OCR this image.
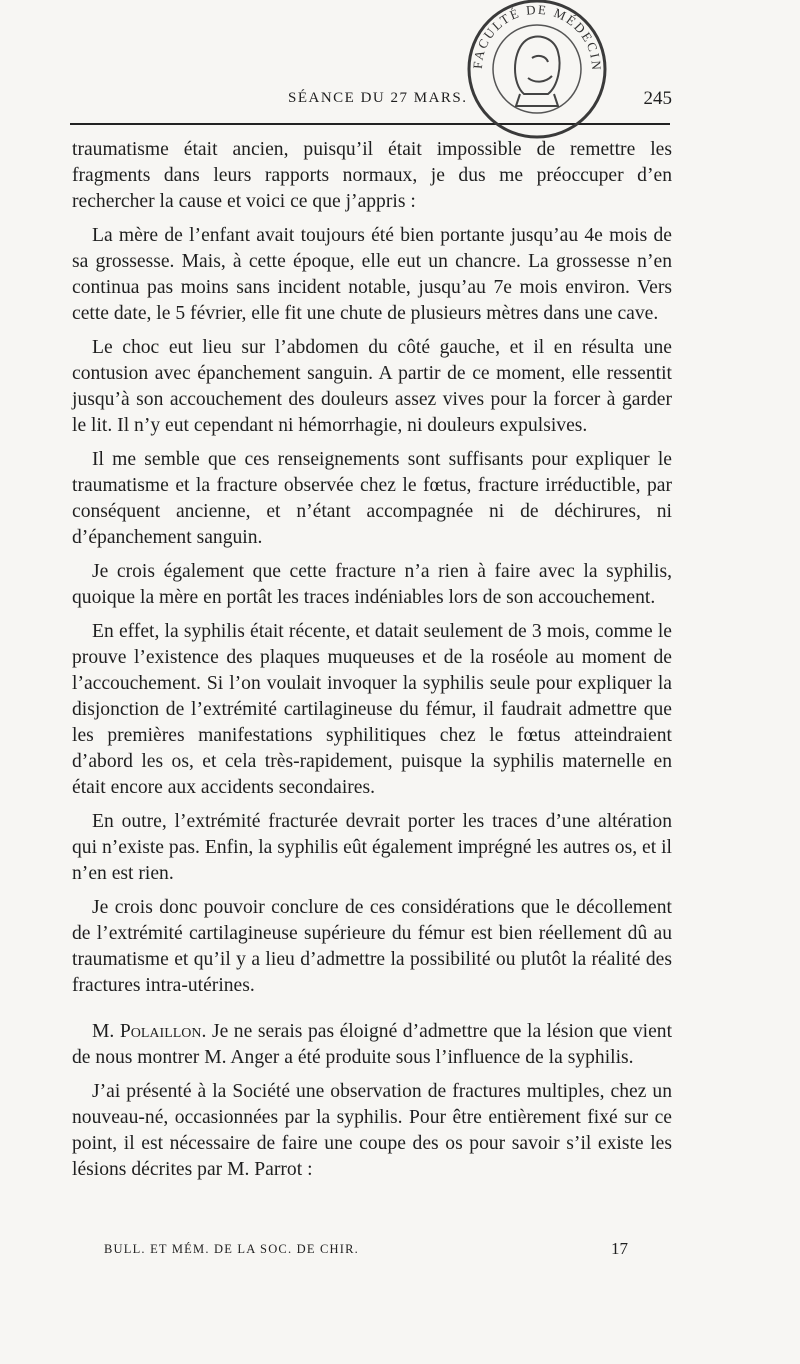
SÉANCE DU 27 MARS.	245
FACULTÉ DE MÉDECIN

traumatisme était ancien, puisqu’il était impossible de remettre les fragments dans leurs rapports normaux, je dus me préoccuper d’en rechercher la cause et voici ce que j’appris :

La mère de l’enfant avait toujours été bien portante jusqu’au 4e mois de sa grossesse. Mais, à cette époque, elle eut un chancre. La grossesse n’en continua pas moins sans incident notable, jusqu’au 7e mois environ. Vers cette date, le 5 février, elle fit une chute de plusieurs mètres dans une cave.

Le choc eut lieu sur l’abdomen du côté gauche, et il en résulta une contusion avec épanchement sanguin. A partir de ce moment, elle ressentit jusqu’à son accouchement des douleurs assez vives pour la forcer à garder le lit. Il n’y eut cependant ni hémorrhagie, ni douleurs expulsives.

Il me semble que ces renseignements sont suffisants pour expliquer le traumatisme et la fracture observée chez le fœtus, fracture irréductible, par conséquent ancienne, et n’étant accompagnée ni de déchirures, ni d’épanchement sanguin.

Je crois également que cette fracture n’a rien à faire avec la syphilis, quoique la mère en portât les traces indéniables lors de son accouchement.

En effet, la syphilis était récente, et datait seulement de 3 mois, comme le prouve l’existence des plaques muqueuses et de la roséole au moment de l’accouchement. Si l’on voulait invoquer la syphilis seule pour expliquer la disjonction de l’extrémité cartilagineuse du fémur, il faudrait admettre que les premières manifestations syphilitiques chez le fœtus atteindraient d’abord les os, et cela très-rapidement, puisque la syphilis maternelle en était encore aux accidents secondaires.

En outre, l’extrémité fracturée devrait porter les traces d’une altération qui n’existe pas. Enfin, la syphilis eût également imprégné les autres os, et il n’en est rien.

Je crois donc pouvoir conclure de ces considérations que le décollement de l’extrémité cartilagineuse supérieure du fémur est bien réellement dû au traumatisme et qu’il y a lieu d’admettre la possibilité ou plutôt la réalité des fractures intra-utérines.

M. Polaillon. Je ne serais pas éloigné d’admettre que la lésion que vient de nous montrer M. Anger a été produite sous l’influence de la syphilis.

J’ai présenté à la Société une observation de fractures multiples, chez un nouveau-né, occasionnées par la syphilis. Pour être entièrement fixé sur ce point, il est nécessaire de faire une coupe des os pour savoir s’il existe les lésions décrites par M. Parrot :

BULL. ET MÉM. DE LA SOC. DE CHIR.	17
